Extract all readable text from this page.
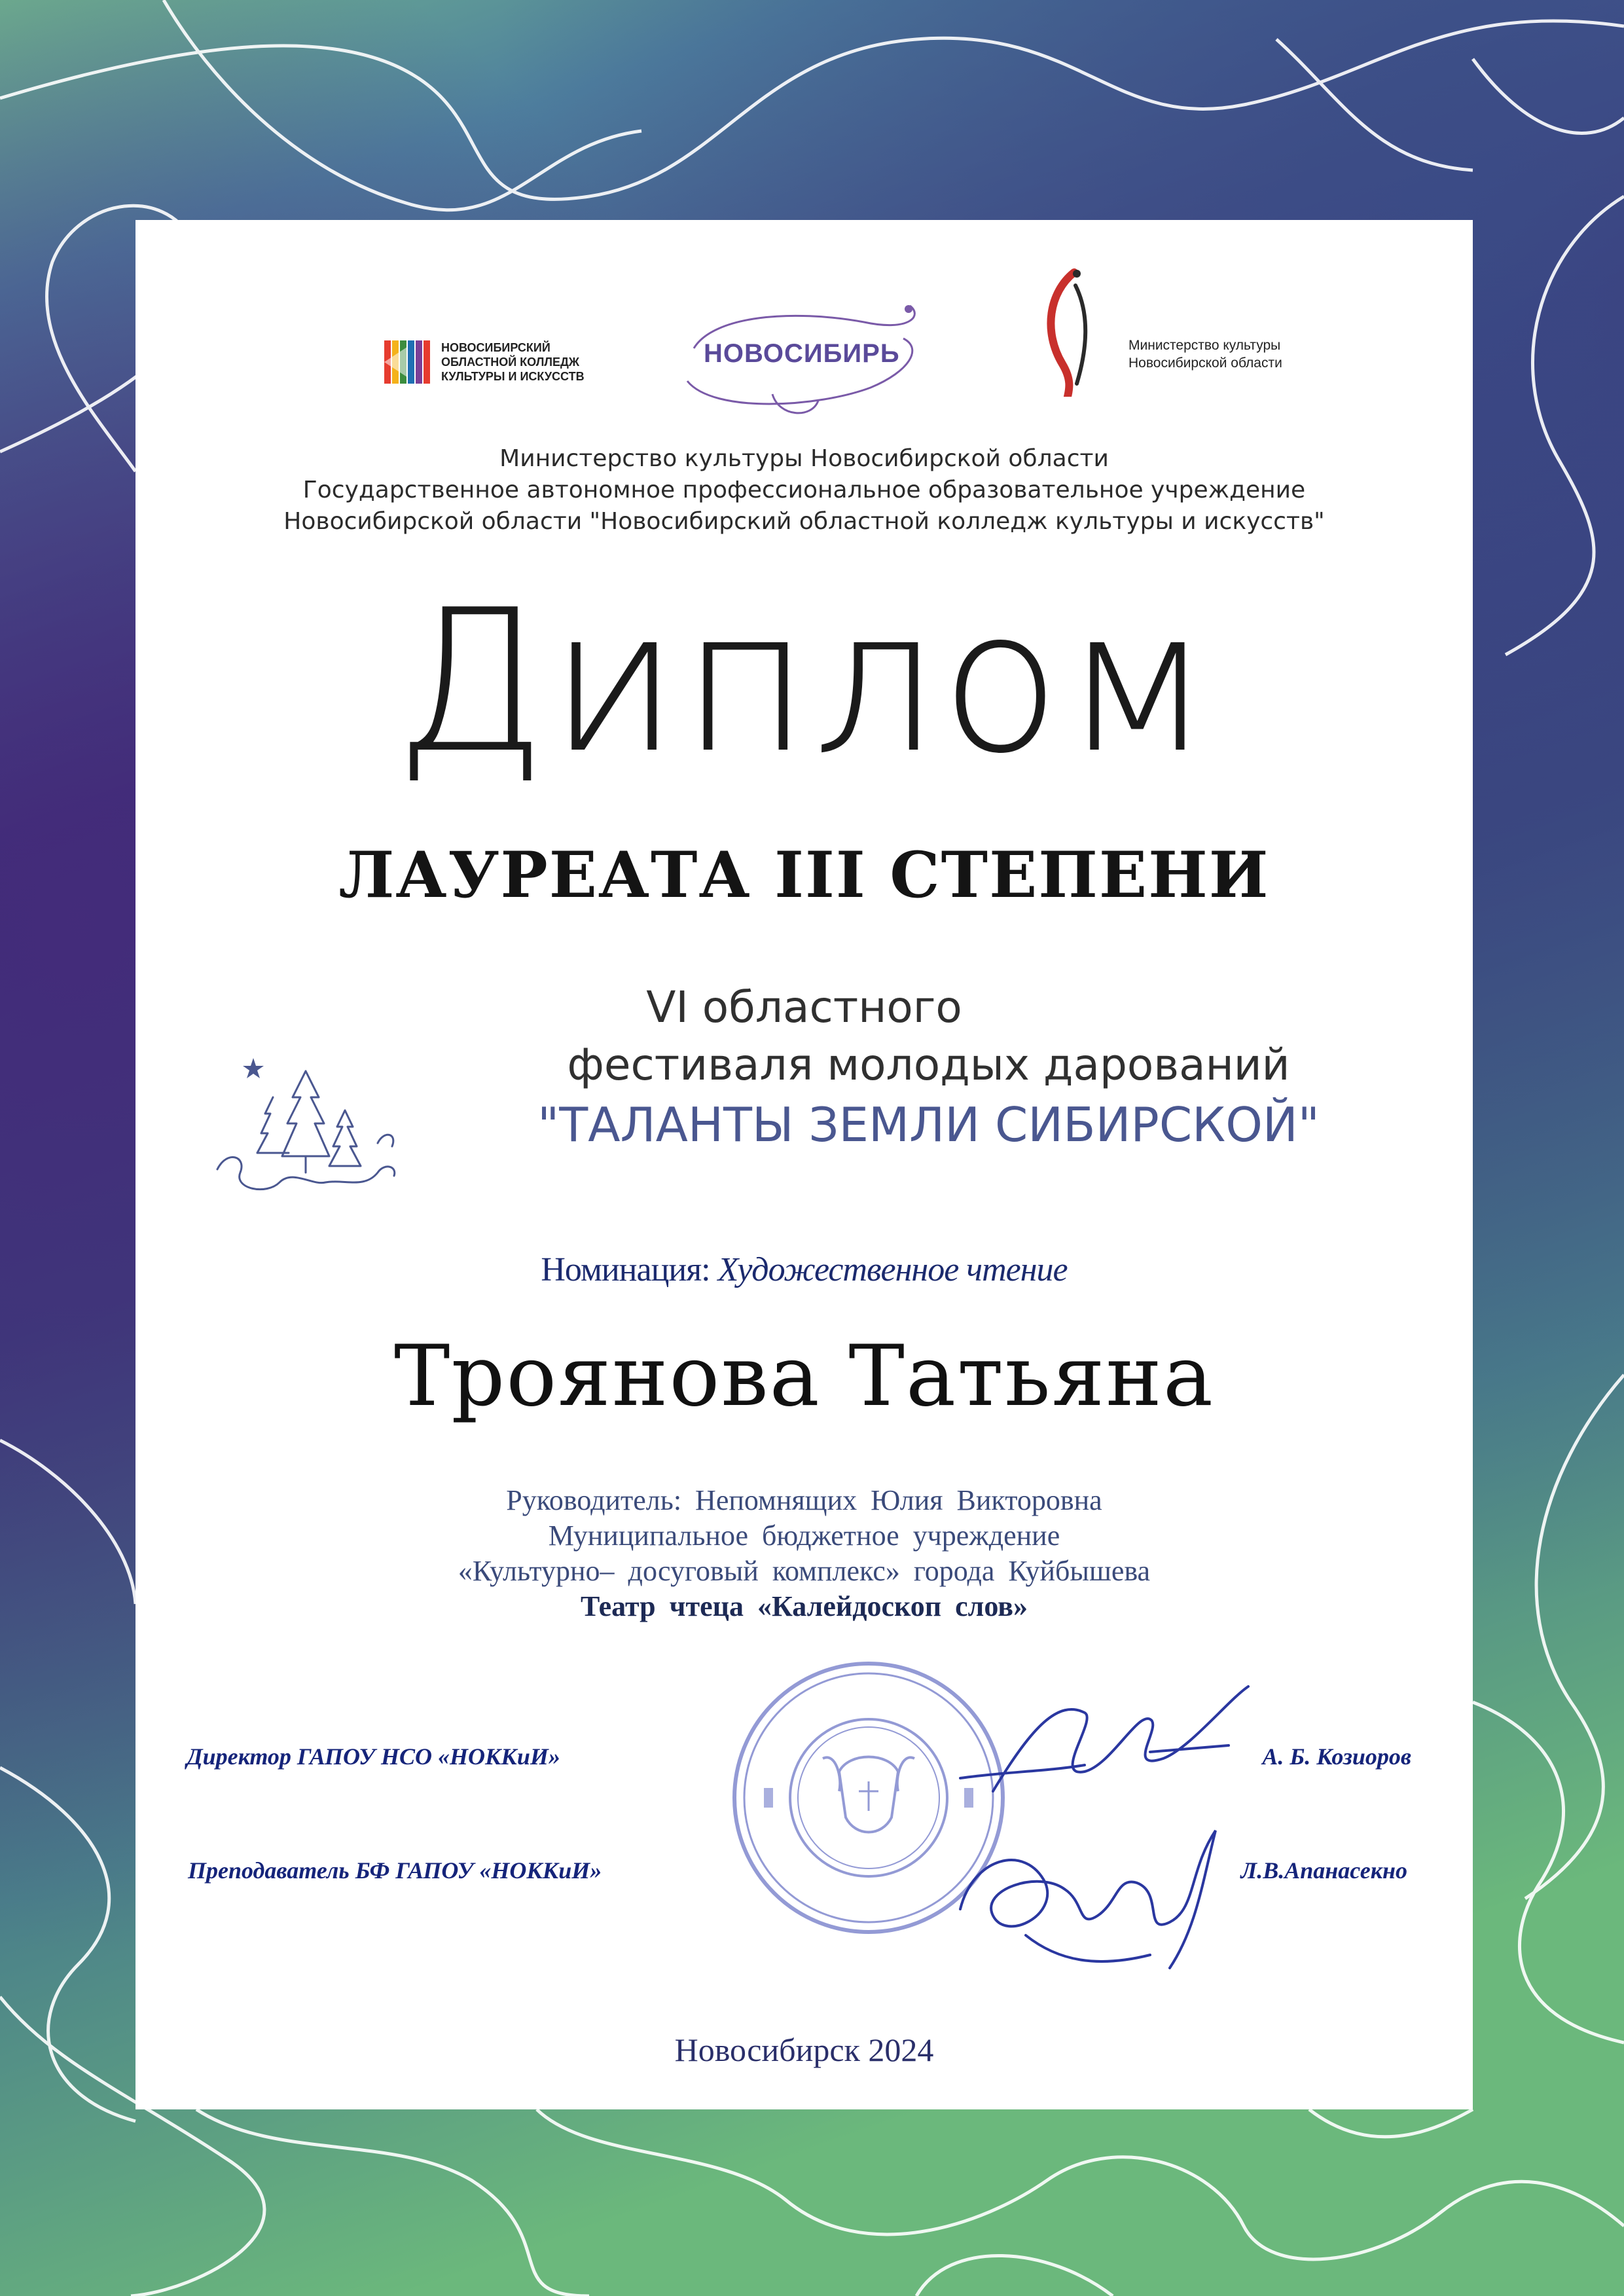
НОВОСИБИРСКИЙ
ОБЛАСТНОЙ КОЛЛЕДЖ
КУЛЬТУРЫ И ИСКУССТВ
НОВОСИБИРЬ	Министерство культуры
Новосибирской области
Министерство культуры Новосибирской области
Государственное автономное профессиональное образовательное учреждение
Новосибирской области "Новосибирский областной колледж культуры и искусств"
Диплом
ЛАУРЕАТА III СТЕПЕНИ
VI областного
фестиваля молодых дарований
"ТАЛАНТЫ ЗЕМЛИ СИБИРСКОЙ"
Номинация: Художественное чтение
Троянова Татьяна
Руководитель: Непомнящих Юлия Викторовна
Муниципальное бюджетное учреждение
«Культурно– досуговый комплекс» города Куйбышева
Театр чтеца «Калейдоскоп слов»
Директор ГАПОУ НСО «НОККиИ»	А. Б. Козиоров
Преподаватель БФ ГАПОУ «НОККиИ»	Л.В.Апанасекно
Новосибирск 2024
